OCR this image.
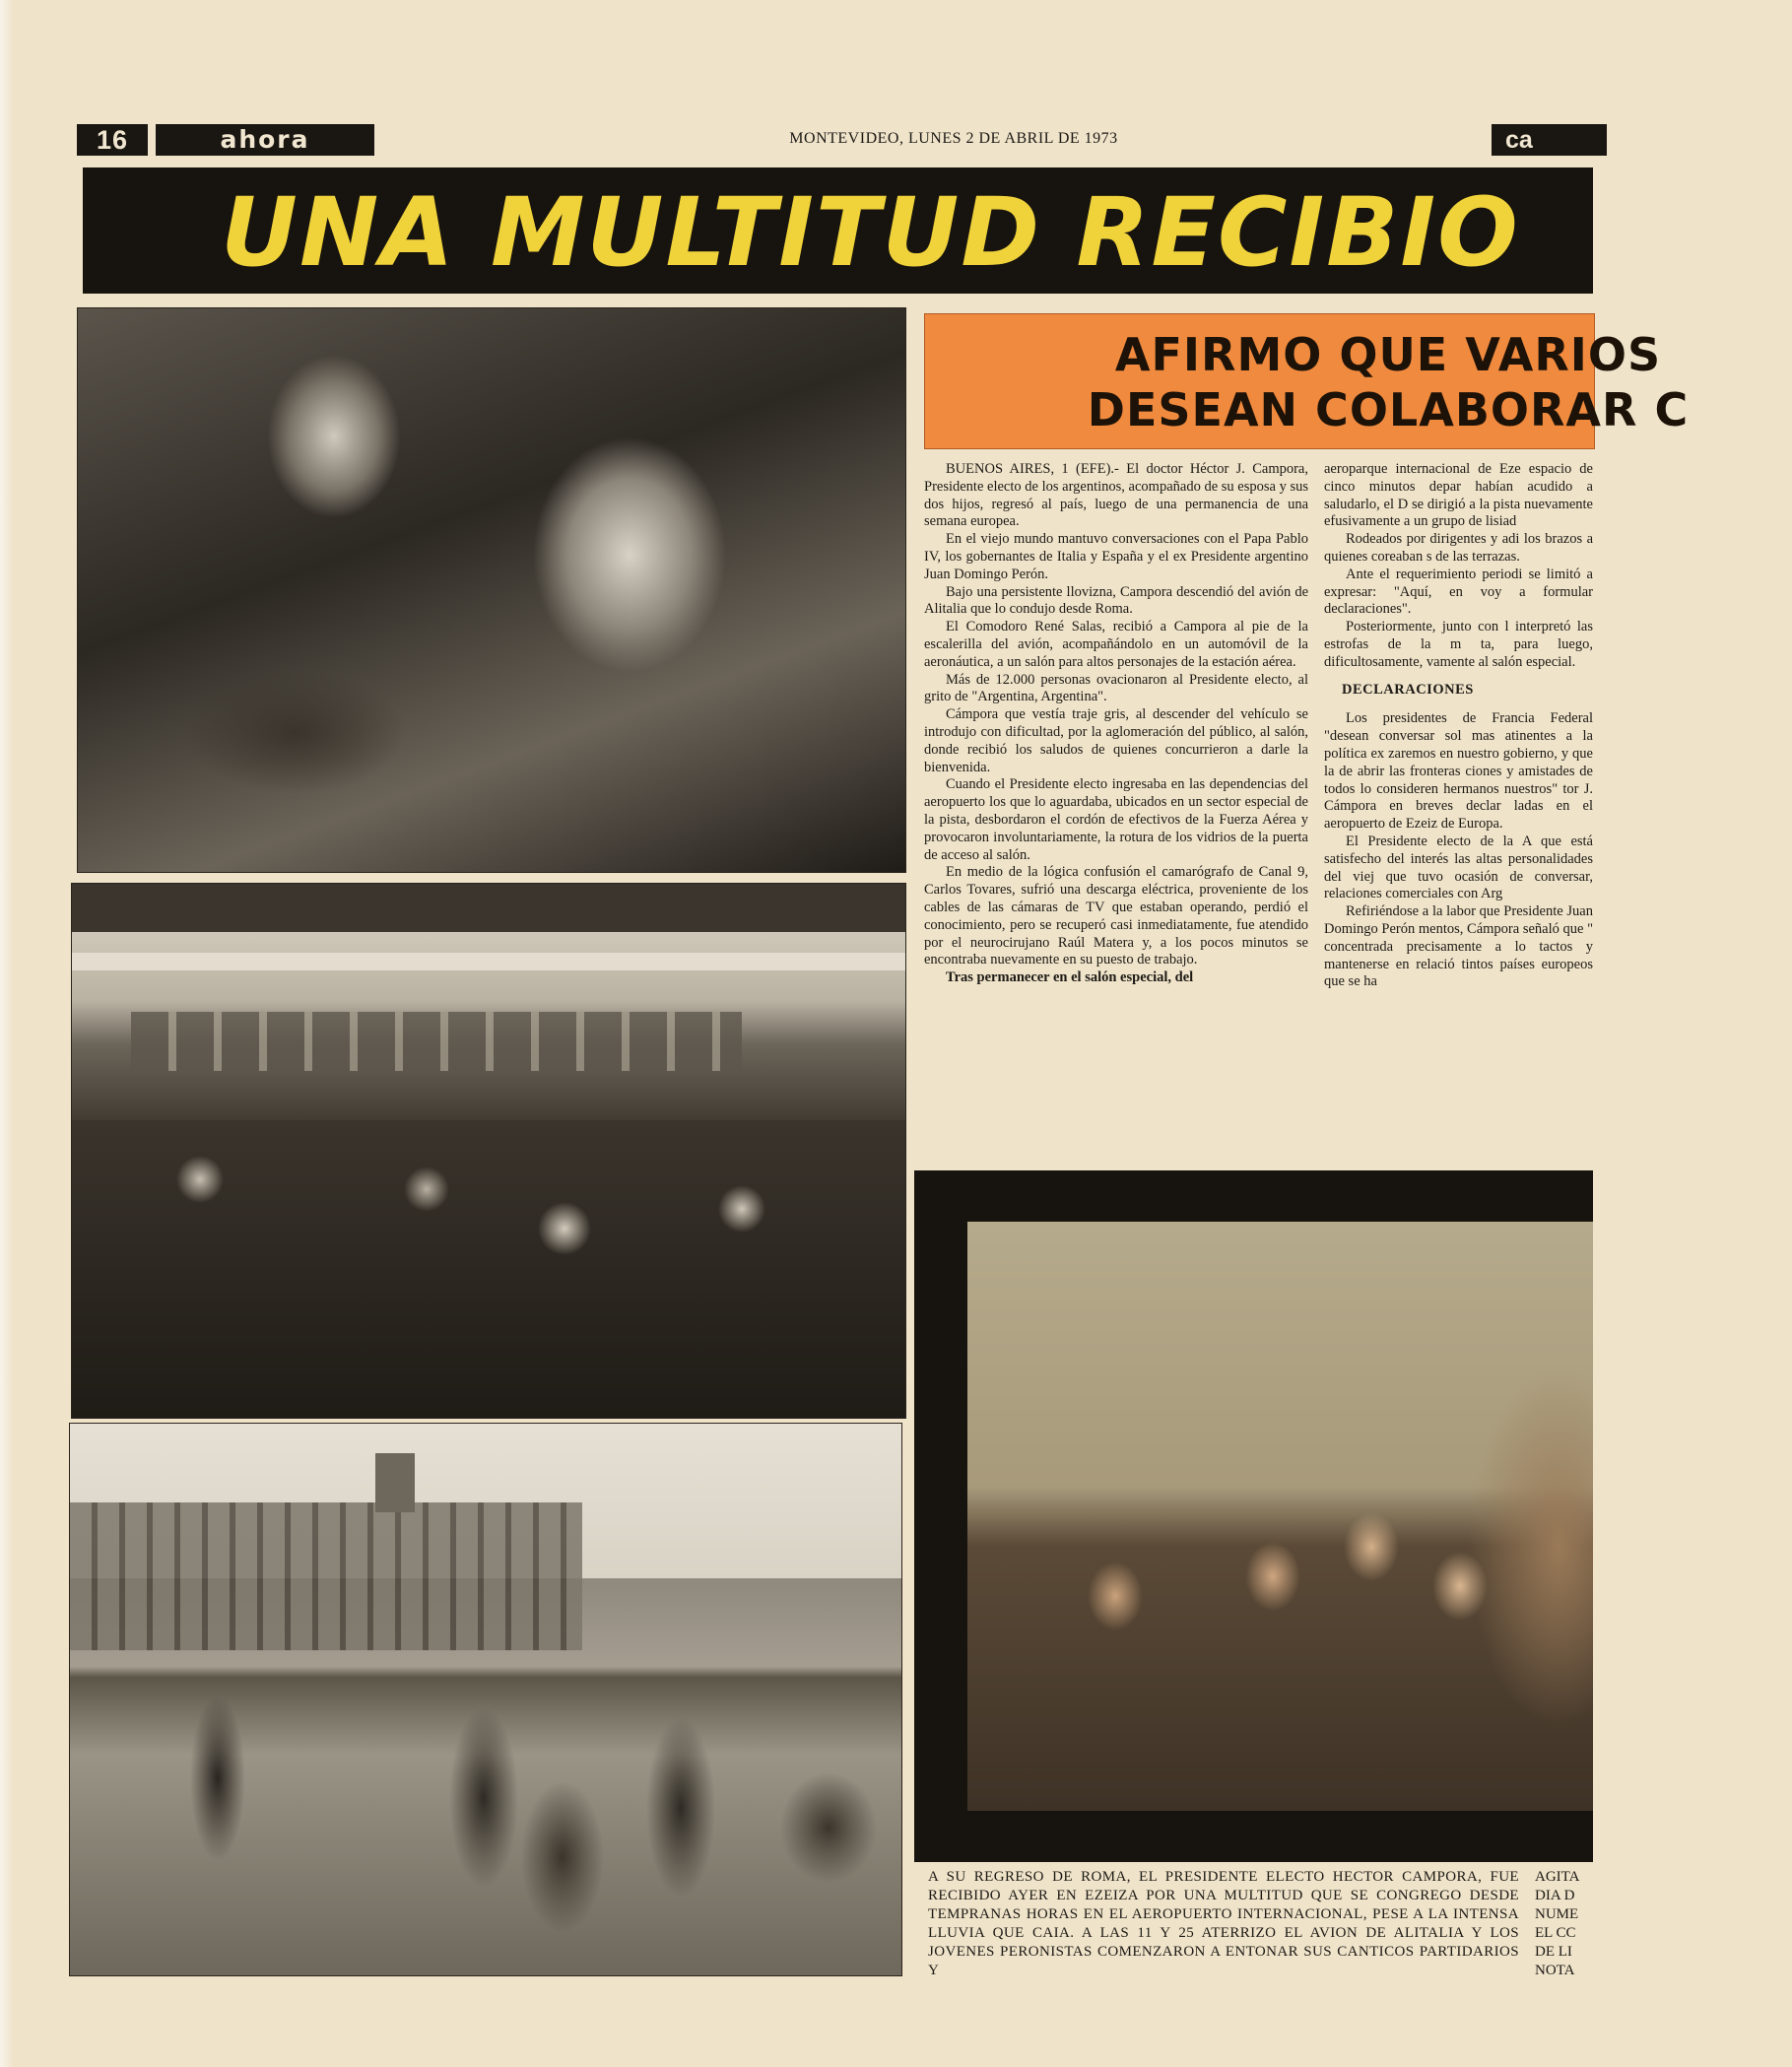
16	ahora	MONTEVIDEO, LUNES 2 DE ABRIL DE 1973	ca
UNA MULTITUD RECIBIO
AFIRMO QUE VARIOS
DESEAN COLABORAR C

BUENOS AIRES, 1 (EFE).- El doctor Héctor J. Campora, Presidente electo de los argentinos, acompañado de su esposa y sus dos hijos, regresó al país, luego de una permanencia de una semana europea.

En el viejo mundo mantuvo conversaciones con el Papa Pablo IV, los gobernantes de Italia y España y el ex Presidente argentino Juan Domingo Perón.

Bajo una persistente llovizna, Campora descendió del avión de Alitalia que lo condujo desde Roma.

El Comodoro René Salas, recibió a Campora al pie de la escalerilla del avión, acompañándolo en un automóvil de la aeronáutica, a un salón para altos personajes de la estación aérea.

Más de 12.000 personas ovacionaron al Presidente electo, al grito de "Argentina, Argentina".

Cámpora que vestía traje gris, al descender del vehículo se introdujo con dificultad, por la aglomeración del público, al salón, donde recibió los saludos de quienes concurrieron a darle la bienvenida.

Cuando el Presidente electo ingresaba en las dependencias del aeropuerto los que lo aguardaba, ubicados en un sector especial de la pista, desbordaron el cordón de efectivos de la Fuerza Aérea y provocaron involuntariamente, la rotura de los vidrios de la puerta de acceso al salón.

En medio de la lógica confusión el camarógrafo de Canal 9, Carlos Tovares, sufrió una descarga eléctrica, proveniente de los cables de las cámaras de TV que estaban operando, perdió el conocimiento, pero se recuperó casi inmediatamente, fue atendido por el neurocirujano Raúl Matera y, a los pocos minutos se encontraba nuevamente en su puesto de trabajo.

Tras permanecer en el salón especial, del

aeroparque internacional de Eze espacio de cinco minutos depar habían acudido a saludarlo, el D se dirigió a la pista nuevamente efusivamente a un grupo de lisiad

Rodeados por dirigentes y adi los brazos a quienes coreaban s de las terrazas.

Ante el requerimiento periodi se limitó a expresar: "Aquí, en voy a formular declaraciones".

Posteriormente, junto con l interpretó las estrofas de la m ta, para luego, dificultosamente, vamente al salón especial.

DECLARACIONES

Los presidentes de Francia Federal "desean conversar sol mas atinentes a la política ex zaremos en nuestro gobierno, y que la de abrir las fronteras ciones y amistades de todos lo consideren hermanos nuestros" tor J. Cámpora en breves declar ladas en el aeropuerto de Ezeiz de Europa.

El Presidente electo de la A que está satisfecho del interés las altas personalidades del viej que tuvo ocasión de conversar, relaciones comerciales con Arg

Refiriéndose a la labor que Presidente Juan Domingo Perón mentos, Cámpora señaló que " concentrada precisamente a lo tactos y mantenerse en relació tintos países europeos que se ha

A SU REGRESO DE ROMA, EL PRESIDENTE ELECTO HECTOR CAMPORA, FUE RECIBIDO AYER EN EZEIZA POR UNA MULTITUD QUE SE CONGREGO DESDE TEMPRANAS HORAS EN EL AEROPUERTO INTERNACIONAL, PESE A LA INTENSA LLUVIA QUE CAIA. A LAS 11 Y 25 ATERRIZO EL AVION DE ALITALIA Y LOS JOVENES PERONISTAS COMENZARON A ENTONAR SUS CANTICOS PARTIDARIOS Y
AGITA
DIA D
NUME
EL CC
DE LI
NOTA
